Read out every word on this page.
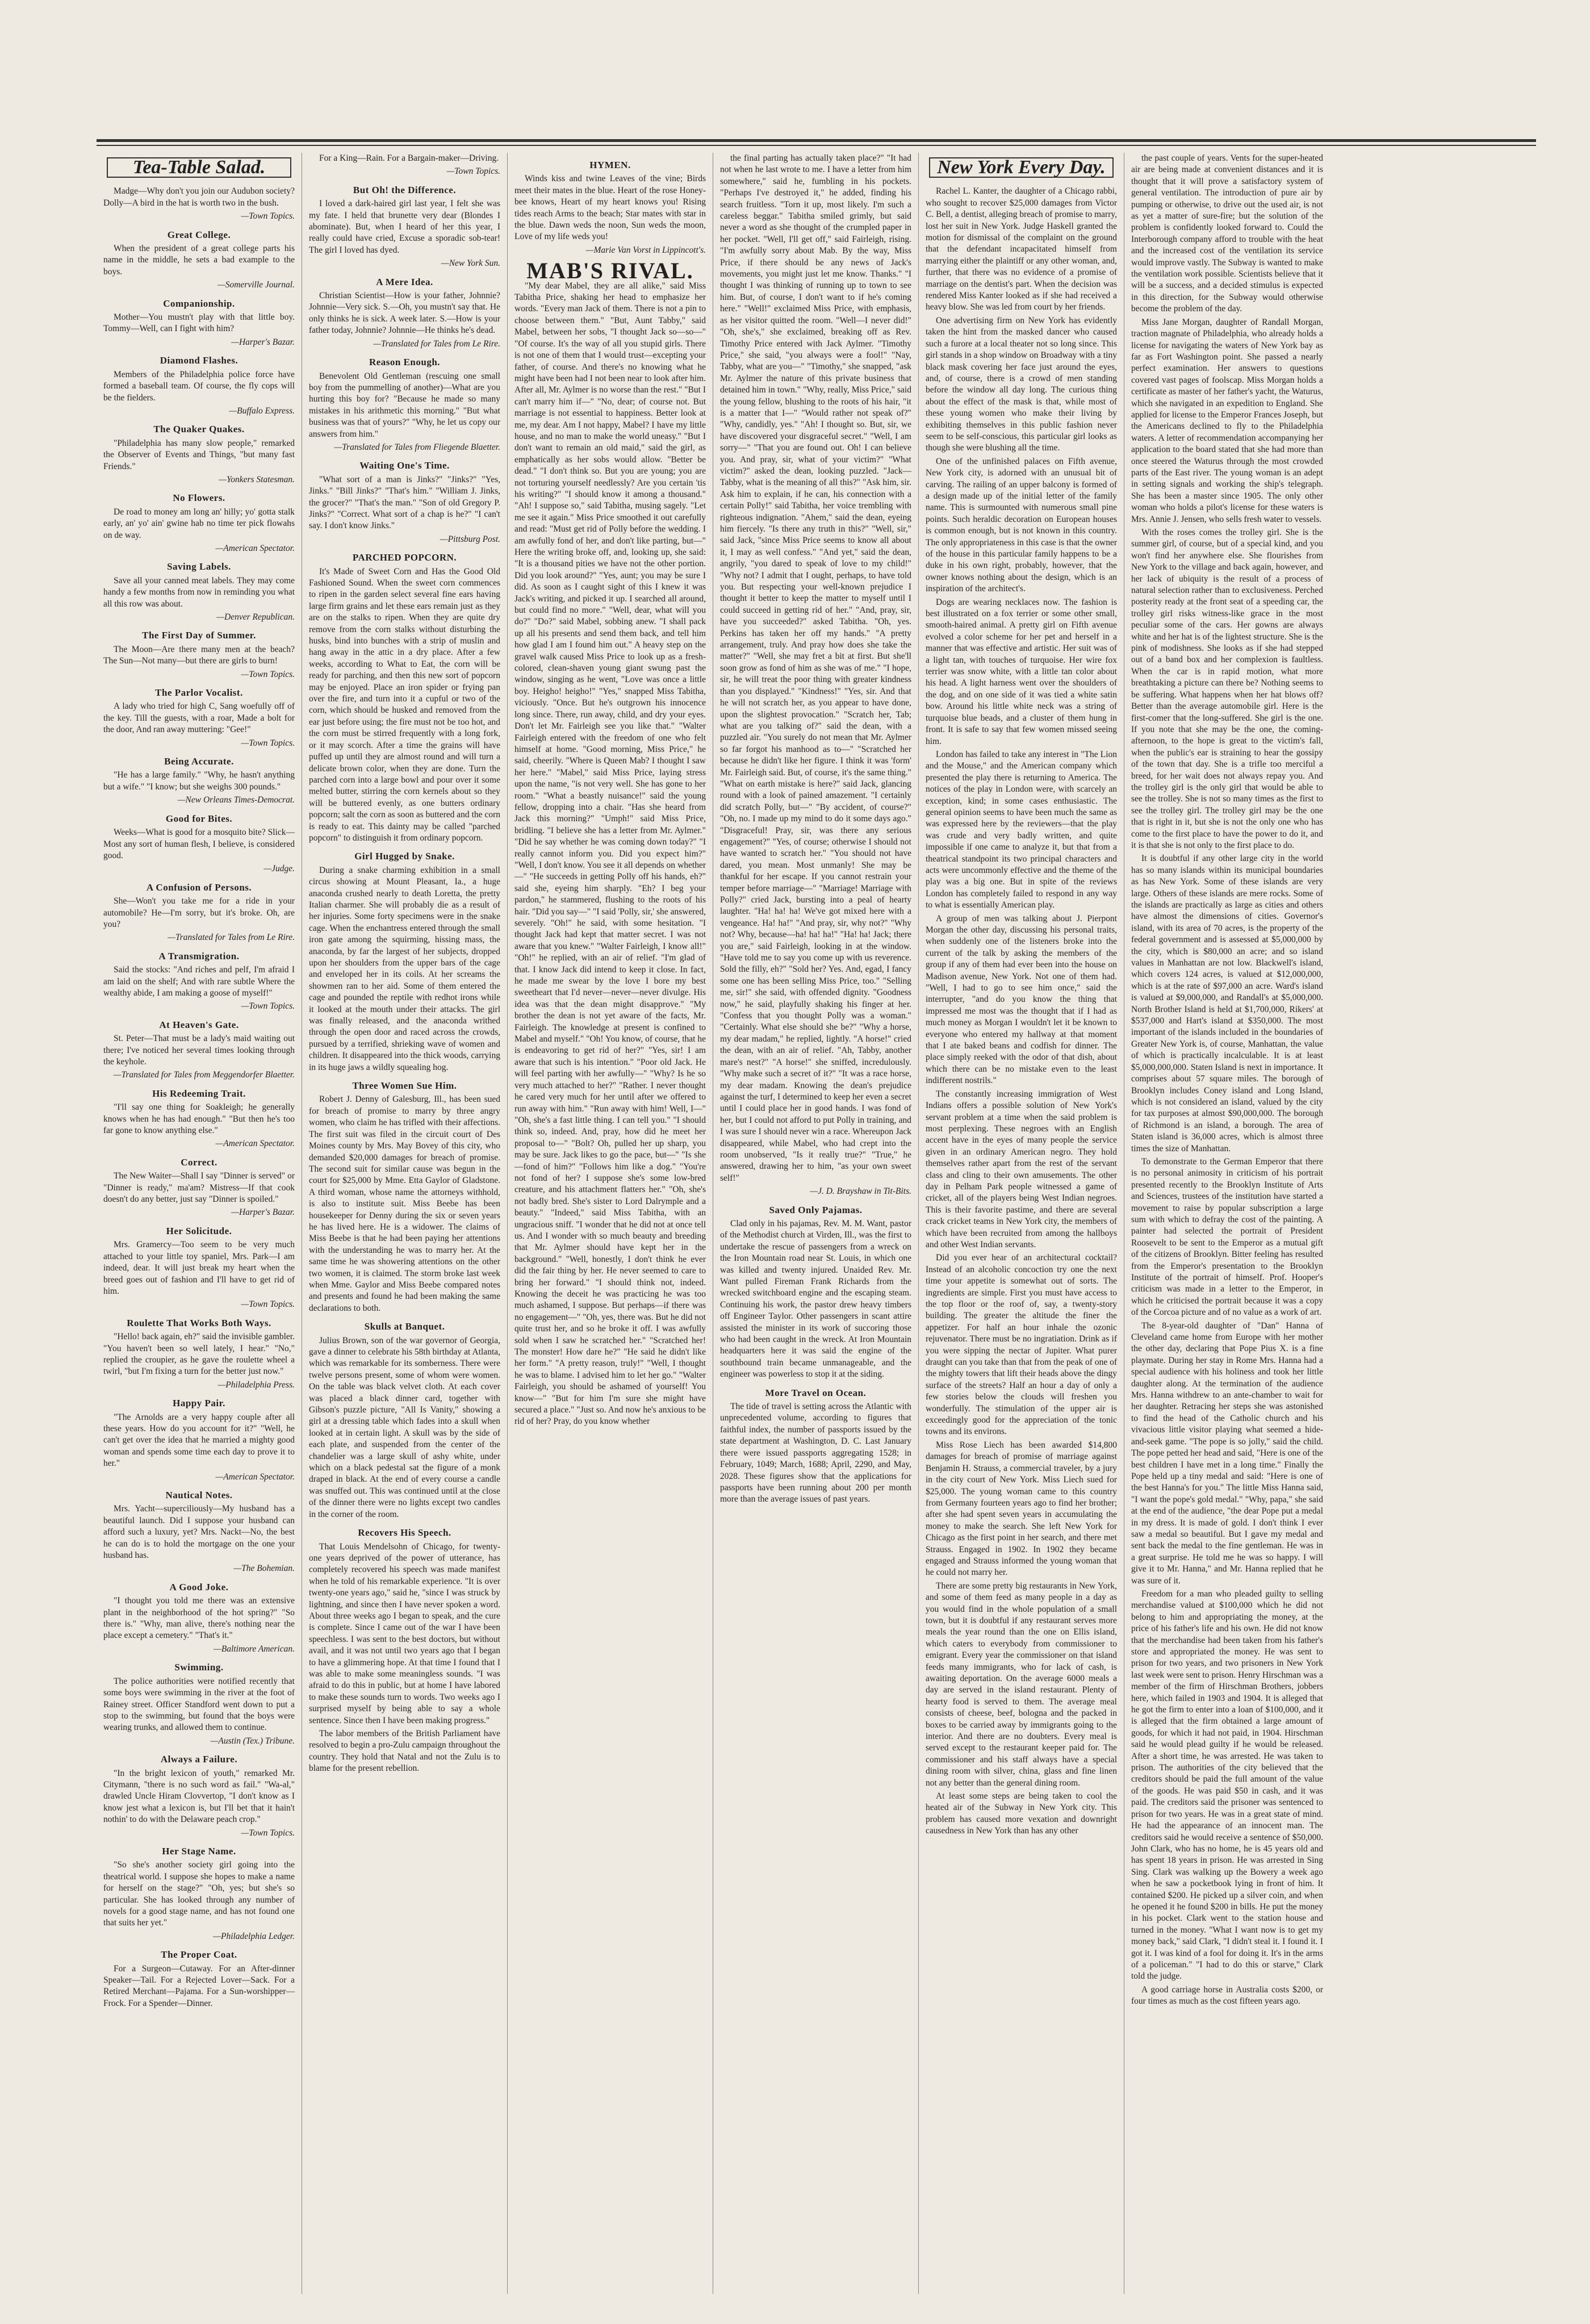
Tea-Table Salad.

Madge—Why don't you join our Audubon society? Dolly—A bird in the hat is worth two in the bush.

—Town Topics.

Great College.

When the president of a great college parts his name in the middle, he sets a bad example to the boys.

—Somerville Journal.

Companionship.

Mother—You mustn't play with that little boy. Tommy—Well, can I fight with him?

—Harper's Bazar.

Diamond Flashes.

Members of the Philadelphia police force have formed a baseball team. Of course, the fly cops will be the fielders.

—Buffalo Express.

The Quaker Quakes.

"Philadelphia has many slow people," remarked the Observer of Events and Things, "but many fast Friends."

—Yonkers Statesman.

No Flowers.

De road to money am long an' hilly; yo' gotta stalk early, an' yo' ain' gwine hab no time ter pick flowahs on de way.

—American Spectator.

Saving Labels.

Save all your canned meat labels. They may come handy a few months from now in reminding you what all this row was about.

—Denver Republican.

The First Day of Summer.

The Moon—Are there many men at the beach? The Sun—Not many—but there are girls to burn!

—Town Topics.

The Parlor Vocalist.

A lady who tried for high C, Sang woefully off of the key. Till the guests, with a roar, Made a bolt for the door, And ran away muttering: "Gee!"

—Town Topics.

Being Accurate.

"He has a large family." "Why, he hasn't anything but a wife." "I know; but she weighs 300 pounds."

—New Orleans Times-Democrat.

Good for Bites.

Weeks—What is good for a mosquito bite? Slick—Most any sort of human flesh, I believe, is considered good.

—Judge.

A Confusion of Persons.

She—Won't you take me for a ride in your automobile? He—I'm sorry, but it's broke. Oh, are you?

—Translated for Tales from Le Rire.

A Transmigration.

Said the stocks: "And riches and pelf, I'm afraid I am laid on the shelf; And with rare subtle Where the wealthy abide, I am making a goose of myself!"

—Town Topics.

At Heaven's Gate.

St. Peter—That must be a lady's maid waiting out there; I've noticed her several times looking through the keyhole.

—Translated for Tales from Meggendorfer Blaetter.

His Redeeming Trait.

"I'll say one thing for Soakleigh; he generally knows when he has had enough." "But then he's too far gone to know anything else."

—American Spectator.

Correct.

The New Waiter—Shall I say "Dinner is served" or "Dinner is ready," ma'am? Mistress—If that cook doesn't do any better, just say "Dinner is spoiled."

—Harper's Bazar.

Her Solicitude.

Mrs. Gramercy—Too seem to be very much attached to your little toy spaniel, Mrs. Park—I am indeed, dear. It will just break my heart when the breed goes out of fashion and I'll have to get rid of him.

—Town Topics.

Roulette That Works Both Ways.

"Hello! back again, eh?" said the invisible gambler. "You haven't been so well lately, I hear." "No," replied the croupier, as he gave the roulette wheel a twirl, "but I'm fixing a turn for the better just now."

—Philadelphia Press.

Happy Pair.

"The Arnolds are a very happy couple after all these years. How do you account for it?" "Well, he can't get over the idea that he married a mighty good woman and spends some time each day to prove it to her."

—American Spectator.

Nautical Notes.

Mrs. Yacht—superciliously—My husband has a beautiful launch. Did I suppose your husband can afford such a luxury, yet? Mrs. Nackt—No, the best he can do is to hold the mortgage on the one your husband has.

—The Bohemian.

A Good Joke.

"I thought you told me there was an extensive plant in the neighborhood of the hot spring?" "So there is." "Why, man alive, there's nothing near the place except a cemetery." "That's it."

—Baltimore American.

Swimming.

The police authorities were notified recently that some boys were swimming in the river at the foot of Rainey street. Officer Standford went down to put a stop to the swimming, but found that the boys were wearing trunks, and allowed them to continue.

—Austin (Tex.) Tribune.

Always a Failure.

"In the bright lexicon of youth," remarked Mr. Citymann, "there is no such word as fail." "Wa-al," drawled Uncle Hiram Clovvertop, "I don't know as I know jest what a lexicon is, but I'll bet that it hain't nothin' to do with the Delaware peach crop."

—Town Topics.

Her Stage Name.

"So she's another society girl going into the theatrical world. I suppose she hopes to make a name for herself on the stage?" "Oh, yes; but she's so particular. She has looked through any number of novels for a good stage name, and has not found one that suits her yet."

—Philadelphia Ledger.

The Proper Coat.

For a Surgeon—Cutaway. For an After-dinner Speaker—Tail. For a Rejected Lover—Sack. For a Retired Merchant—Pajama. For a Sun-worshipper—Frock. For a Spender—Dinner.

For a King—Rain. For a Bargain-maker—Driving.

—Town Topics.

But Oh! the Difference.

I loved a dark-haired girl last year, I felt she was my fate. I held that brunette very dear (Blondes I abominate). But, when I heard of her this year, I really could have cried, Excuse a sporadic sob-tear! The girl I loved has dyed.

—New York Sun.

A Mere Idea.

Christian Scientist—How is your father, Johnnie? Johnnie—Very sick. S.—Oh, you mustn't say that. He only thinks he is sick. A week later. S.—How is your father today, Johnnie? Johnnie—He thinks he's dead.

—Translated for Tales from Le Rire.

Reason Enough.

Benevolent Old Gentleman (rescuing one small boy from the pummelling of another)—What are you hurting this boy for? "Because he made so many mistakes in his arithmetic this morning." "But what business was that of yours?" "Why, he let us copy our answers from him."

—Translated for Tales from Fliegende Blaetter.

Waiting One's Time.

"What sort of a man is Jinks?" "Jinks?" "Yes, Jinks." "Bill Jinks?" "That's him." "William J. Jinks, the grocer?" "That's the man." "Son of old Gregory P. Jinks?" "Correct. What sort of a chap is he?" "I can't say. I don't know Jinks."

—Pittsburg Post.

PARCHED POPCORN.

It's Made of Sweet Corn and Has the Good Old Fashioned Sound. When the sweet corn commences to ripen in the garden select several fine ears having large firm grains and let these ears remain just as they are on the stalks to ripen. When they are quite dry remove from the corn stalks without disturbing the husks, bind into bunches with a strip of muslin and hang away in the attic in a dry place. After a few weeks, according to What to Eat, the corn will be ready for parching, and then this new sort of popcorn may be enjoyed. Place an iron spider or frying pan over the fire, and turn into it a cupful or two of the corn, which should be husked and removed from the ear just before using; the fire must not be too hot, and the corn must be stirred frequently with a long fork, or it may scorch. After a time the grains will have puffed up until they are almost round and will turn a delicate brown color, when they are done. Turn the parched corn into a large bowl and pour over it some melted butter, stirring the corn kernels about so they will be buttered evenly, as one butters ordinary popcorn; salt the corn as soon as buttered and the corn is ready to eat. This dainty may be called "parched popcorn" to distinguish it from ordinary popcorn.

Girl Hugged by Snake.

During a snake charming exhibition in a small circus showing at Mount Pleasant, Ia., a huge anaconda crushed nearly to death Loretta, the pretty Italian charmer. She will probably die as a result of her injuries. Some forty specimens were in the snake cage. When the enchantress entered through the small iron gate among the squirming, hissing mass, the anaconda, by far the largest of her subjects, dropped upon her shoulders from the upper bars of the cage and enveloped her in its coils. At her screams the showmen ran to her aid. Some of them entered the cage and pounded the reptile with redhot irons while it looked at the mouth under their attacks. The girl was finally released, and the anaconda writhed through the open door and raced across the crowds, pursued by a terrified, shrieking wave of women and children. It disappeared into the thick woods, carrying in its huge jaws a wildly squealing hog.

Three Women Sue Him.

Robert J. Denny of Galesburg, Ill., has been sued for breach of promise to marry by three angry women, who claim he has trifled with their affections. The first suit was filed in the circuit court of Des Moines county by Mrs. May Bovey of this city, who demanded $20,000 damages for breach of promise. The second suit for similar cause was begun in the court for $25,000 by Mme. Etta Gaylor of Gladstone. A third woman, whose name the attorneys withhold, is also to institute suit. Miss Beebe has been housekeeper for Denny during the six or seven years he has lived here. He is a widower. The claims of Miss Beebe is that he had been paying her attentions with the understanding he was to marry her. At the same time he was showering attentions on the other two women, it is claimed. The storm broke last week when Mme. Gaylor and Miss Beebe compared notes and presents and found he had been making the same declarations to both.

Skulls at Banquet.

Julius Brown, son of the war governor of Georgia, gave a dinner to celebrate his 58th birthday at Atlanta, which was remarkable for its somberness. There were twelve persons present, some of whom were women. On the table was black velvet cloth. At each cover was placed a black dinner card, together with Gibson's puzzle picture, "All Is Vanity," showing a girl at a dressing table which fades into a skull when looked at in certain light. A skull was by the side of each plate, and suspended from the center of the chandelier was a large skull of ashy white, under which on a black pedestal sat the figure of a monk draped in black. At the end of every course a candle was snuffed out. This was continued until at the close of the dinner there were no lights except two candles in the corner of the room.

Recovers His Speech.

That Louis Mendelsohn of Chicago, for twenty-one years deprived of the power of utterance, has completely recovered his speech was made manifest when he told of his remarkable experience. "It is over twenty-one years ago," said he, "since I was struck by lightning, and since then I have never spoken a word. About three weeks ago I began to speak, and the cure is complete. Since I came out of the war I have been speechless. I was sent to the best doctors, but without avail, and it was not until two years ago that I began to have a glimmering hope. At that time I found that I was able to make some meaningless sounds. "I was afraid to do this in public, but at home I have labored to make these sounds turn to words. Two weeks ago I surprised myself by being able to say a whole sentence. Since then I have been making progress."

The labor members of the British Parliament have resolved to begin a pro-Zulu campaign throughout the country. They hold that Natal and not the Zulu is to blame for the present rebellion.

HYMEN.

Winds kiss and twine Leaves of the vine; Birds meet their mates in the blue. Heart of the rose Honey-bee knows, Heart of my heart knows you! Rising tides reach Arms to the beach; Star mates with star in the blue. Dawn weds the noon, Sun weds the moon, Love of my life weds you!

—Marie Van Vorst in Lippincott's.

MAB'S RIVAL.

"My dear Mabel, they are all alike," said Miss Tabitha Price, shaking her head to emphasize her words. "Every man Jack of them. There is not a pin to choose between them." "But, Aunt Tabby," said Mabel, between her sobs, "I thought Jack so—so—" "Of course. It's the way of all you stupid girls. There is not one of them that I would trust—excepting your father, of course. And there's no knowing what he might have been had I not been near to look after him. After all, Mr. Aylmer is no worse than the rest." "But I can't marry him if—" "No, dear; of course not. But marriage is not essential to happiness. Better look at me, my dear. Am I not happy, Mabel? I have my little house, and no man to make the world uneasy." "But I don't want to remain an old maid," said the girl, as emphatically as her sobs would allow. "Better be dead." "I don't think so. But you are young; you are not torturing yourself needlessly? Are you certain 'tis his writing?" "I should know it among a thousand." "Ah! I suppose so," said Tabitha, musing sagely. "Let me see it again." Miss Price smoothed it out carefully and read: "Must get rid of Polly before the wedding. I am awfully fond of her, and don't like parting, but—" Here the writing broke off, and, looking up, she said: "It is a thousand pities we have not the other portion. Did you look around?" "Yes, aunt; you may be sure I did. As soon as I caught sight of this I knew it was Jack's writing, and picked it up. I searched all around, but could find no more." "Well, dear, what will you do?" "Do?" said Mabel, sobbing anew. "I shall pack up all his presents and send them back, and tell him how glad I am I found him out." A heavy step on the gravel walk caused Miss Price to look up as a fresh-colored, clean-shaven young giant swung past the window, singing as he went, "Love was once a little boy. Heigho! heigho!" "Yes," snapped Miss Tabitha, viciously. "Once. But he's outgrown his innocence long since. There, run away, child, and dry your eyes. Don't let Mr. Fairleigh see you like that." "Walter Fairleigh entered with the freedom of one who felt himself at home. "Good morning, Miss Price," he said, cheerily. "Where is Queen Mab? I thought I saw her here." "Mabel," said Miss Price, laying stress upon the name, "is not very well. She has gone to her room." "What a beastly nuisance!" said the young fellow, dropping into a chair. "Has she heard from Jack this morning?" "Umph!" said Miss Price, bridling. "I believe she has a letter from Mr. Aylmer." "Did he say whether he was coming down today?" "I really cannot inform you. Did you expect him?" "Well, I don't know. You see it all depends on whether—" "He succeeds in getting Polly off his hands, eh?" said she, eyeing him sharply. "Eh? I beg your pardon," he stammered, flushing to the roots of his hair. "Did you say—" "I said 'Polly, sir,' she answered, severely. "Oh!" he said, with some hesitation. "I thought Jack had kept that matter secret. I was not aware that you knew." "Walter Fairleigh, I know all!" "Oh!" he replied, with an air of relief. "I'm glad of that. I know Jack did intend to keep it close. In fact, he made me swear by the love I bore my best sweetheart that I'd never—never—never divulge. His idea was that the dean might disapprove." "My brother the dean is not yet aware of the facts, Mr. Fairleigh. The knowledge at present is confined to Mabel and myself." "Oh! You know, of course, that he is endeavoring to get rid of her?" "Yes, sir! I am aware that such is his intention." "Poor old Jack. He will feel parting with her awfully—" "Why? Is he so very much attached to her?" "Rather. I never thought he cared very much for her until after we offered to run away with him." "Run away with him! Well, I—" "Oh, she's a fast little thing. I can tell you." "I should think so, indeed. And, pray, how did he meet her proposal to—" "Bolt? Oh, pulled her up sharp, you may be sure. Jack likes to go the pace, but—" "Is she—fond of him?" "Follows him like a dog." "You're not fond of her? I suppose she's some low-bred creature, and his attachment flatters her." "Oh, she's not badly bred. She's sister to Lord Dalrymple and a beauty." "Indeed," said Miss Tabitha, with an ungracious sniff. "I wonder that he did not at once tell us. And I wonder with so much beauty and breeding that Mr. Aylmer should have kept her in the background." "Well, honestly, I don't think he ever did the fair thing by her. He never seemed to care to bring her forward." "I should think not, indeed. Knowing the deceit he was practicing he was too much ashamed, I suppose. But perhaps—if there was no engagement—" "Oh, yes, there was. But he did not quite trust her, and so he broke it off. I was awfully sold when I saw he scratched her." "Scratched her! The monster! How dare he?" "He said he didn't like her form." "A pretty reason, truly!" "Well, I thought he was to blame. I advised him to let her go." "Walter Fairleigh, you should be ashamed of yourself! You know—" "But for him I'm sure she might have secured a place." "Just so. And now he's anxious to be rid of her? Pray, do you know whether

the final parting has actually taken place?" "It had not when he last wrote to me. I have a letter from him somewhere," said he, fumbling in his pockets. "Perhaps I've destroyed it," he added, finding his search fruitless. "Torn it up, most likely. I'm such a careless beggar." Tabitha smiled grimly, but said never a word as she thought of the crumpled paper in her pocket. "Well, I'll get off," said Fairleigh, rising. "I'm awfully sorry about Mab. By the way, Miss Price, if there should be any news of Jack's movements, you might just let me know. Thanks." "I thought I was thinking of running up to town to see him. But, of course, I don't want to if he's coming here." "Well!" exclaimed Miss Price, with emphasis, as her visitor quitted the room. "Well—I never did!" "Oh, she's," she exclaimed, breaking off as Rev. Timothy Price entered with Jack Aylmer. "Timothy Price," she said, "you always were a fool!" "Nay, Tabby, what are you—" "Timothy," she snapped, "ask Mr. Aylmer the nature of this private business that detained him in town." "Why, really, Miss Price," said the young fellow, blushing to the roots of his hair, "it is a matter that I—" "Would rather not speak of?" "Why, candidly, yes." "Ah! I thought so. But, sir, we have discovered your disgraceful secret." "Well, I am sorry—" "That you are found out. Oh! I can believe you. And pray, sir, what of your victim?" "What victim?" asked the dean, looking puzzled. "Jack—Tabby, what is the meaning of all this?" "Ask him, sir. Ask him to explain, if he can, his connection with a certain Polly!" said Tabitha, her voice trembling with righteous indignation. "Ahem," said the dean, eyeing him fiercely. "Is there any truth in this?" "Well, sir," said Jack, "since Miss Price seems to know all about it, I may as well confess." "And yet," said the dean, angrily, "you dared to speak of love to my child!" "Why not? I admit that I ought, perhaps, to have told you. But respecting your well-known prejudice I thought it better to keep the matter to myself until I could succeed in getting rid of her." "And, pray, sir, have you succeeded?" asked Tabitha. "Oh, yes. Perkins has taken her off my hands." "A pretty arrangement, truly. And pray how does she take the matter?" "Well, she may fret a bit at first. But she'll soon grow as fond of him as she was of me." "I hope, sir, he will treat the poor thing with greater kindness than you displayed." "Kindness!" "Yes, sir. And that he will not scratch her, as you appear to have done, upon the slightest provocation." "Scratch her, Tab; what are you talking of?" said the dean, with a puzzled air. "You surely do not mean that Mr. Aylmer so far forgot his manhood as to—" "Scratched her because he didn't like her figure. I think it was 'form' Mr. Fairleigh said. But, of course, it's the same thing." "What on earth mistake is here?" said Jack, glancing round with a look of pained amazement. "I certainly did scratch Polly, but—" "By accident, of course?" "Oh, no. I made up my mind to do it some days ago." "Disgraceful! Pray, sir, was there any serious engagement?" "Yes, of course; otherwise I should not have wanted to scratch her." "You should not have dared, you mean. Most unmanly! She may be thankful for her escape. If you cannot restrain your temper before marriage—" "Marriage! Marriage with Polly?" cried Jack, bursting into a peal of hearty laughter. "Ha! ha! ha! We've got mixed here with a vengeance. Ha! ha!" "And pray, sir, why not?" "Why not? Why, because—ha! ha! ha!" "Ha! ha! Jack; there you are," said Fairleigh, looking in at the window. "Have told me to say you come up with us reverence. Sold the filly, eh?" "Sold her? Yes. And, egad, I fancy some one has been selling Miss Price, too." "Selling me, sir!" she said, with offended dignity. "Goodness now," he said, playfully shaking his finger at her. "Confess that you thought Polly was a woman." "Certainly. What else should she be?" "Why a horse, my dear madam," he replied, lightly. "A horse!" cried the dean, with an air of relief. "Ah, Tabby, another mare's nest?" "A horse!" she sniffed, incredulously. "Why make such a secret of it?" "It was a race horse, my dear madam. Knowing the dean's prejudice against the turf, I determined to keep her even a secret until I could place her in good hands. I was fond of her, but I could not afford to put Polly in training, and I was sure I should never win a race. Whereupon Jack disappeared, while Mabel, who had crept into the room unobserved, "Is it really true?" "True," he answered, drawing her to him, "as your own sweet self!"

—J. D. Brayshaw in Tit-Bits.

Saved Only Pajamas.

Clad only in his pajamas, Rev. M. M. Want, pastor of the Methodist church at Virden, Ill., was the first to undertake the rescue of passengers from a wreck on the Iron Mountain road near St. Louis, in which one was killed and twenty injured. Unaided Rev. Mr. Want pulled Fireman Frank Richards from the wrecked switchboard engine and the escaping steam. Continuing his work, the pastor drew heavy timbers off Engineer Taylor. Other passengers in scant attire assisted the minister in its work of succoring those who had been caught in the wreck. At Iron Mountain headquarters here it was said the engine of the southbound train became unmanageable, and the engineer was powerless to stop it at the siding.

More Travel on Ocean.

The tide of travel is setting across the Atlantic with unprecedented volume, according to figures that faithful index, the number of passports issued by the state department at Washington, D. C. Last January there were issued passports aggregating 1528; in February, 1049; March, 1688; April, 2290, and May, 2028. These figures show that the applications for passports have been running about 200 per month more than the average issues of past years.

New York Every Day.

Rachel L. Kanter, the daughter of a Chicago rabbi, who sought to recover $25,000 damages from Victor C. Bell, a dentist, alleging breach of promise to marry, lost her suit in New York. Judge Haskell granted the motion for dismissal of the complaint on the ground that the defendant incapacitated himself from marrying either the plaintiff or any other woman, and, further, that there was no evidence of a promise of marriage on the dentist's part. When the decision was rendered Miss Kanter looked as if she had received a heavy blow. She was led from court by her friends.

One advertising firm on New York has evidently taken the hint from the masked dancer who caused such a furore at a local theater not so long since. This girl stands in a shop window on Broadway with a tiny black mask covering her face just around the eyes, and, of course, there is a crowd of men standing before the window all day long. The curious thing about the effect of the mask is that, while most of these young women who make their living by exhibiting themselves in this public fashion never seem to be self-conscious, this particular girl looks as though she were blushing all the time.

One of the unfinished palaces on Fifth avenue, New York city, is adorned with an unusual bit of carving. The railing of an upper balcony is formed of a design made up of the initial letter of the family name. This is surmounted with numerous small pine points. Such heraldic decoration on European houses is common enough, but is not known in this country. The only appropriateness in this case is that the owner of the house in this particular family happens to be a duke in his own right, probably, however, that the owner knows nothing about the design, which is an inspiration of the architect's.

Dogs are wearing necklaces now. The fashion is best illustrated on a fox terrier or some other small, smooth-haired animal. A pretty girl on Fifth avenue evolved a color scheme for her pet and herself in a manner that was effective and artistic. Her suit was of a light tan, with touches of turquoise. Her wire fox terrier was snow white, with a little tan color about his head. A light harness went over the shoulders of the dog, and on one side of it was tied a white satin bow. Around his little white neck was a string of turquoise blue beads, and a cluster of them hung in front. It is safe to say that few women missed seeing him.

London has failed to take any interest in "The Lion and the Mouse," and the American company which presented the play there is returning to America. The notices of the play in London were, with scarcely an exception, kind; in some cases enthusiastic. The general opinion seems to have been much the same as was expressed here by the reviewers—that the play was crude and very badly written, and quite impossible if one came to analyze it, but that from a theatrical standpoint its two principal characters and acts were uncommonly effective and the theme of the play was a big one. But in spite of the reviews London has completely failed to respond in any way to what is essentially American play.

A group of men was talking about J. Pierpont Morgan the other day, discussing his personal traits, when suddenly one of the listeners broke into the current of the talk by asking the members of the group if any of them had ever been into the house on Madison avenue, New York. Not one of them had. "Well, I had to go to see him once," said the interrupter, "and do you know the thing that impressed me most was the thought that if I had as much money as Morgan I wouldn't let it be known to everyone who entered my hallway at that moment that I ate baked beans and codfish for dinner. The place simply reeked with the odor of that dish, about which there can be no mistake even to the least indifferent nostrils."

The constantly increasing immigration of West Indians offers a possible solution of New York's servant problem at a time when the said problem is most perplexing. These negroes with an English accent have in the eyes of many people the service given in an ordinary American negro. They hold themselves rather apart from the rest of the servant class and cling to their own amusements. The other day in Pelham Park people witnessed a game of cricket, all of the players being West Indian negroes. This is their favorite pastime, and there are several crack cricket teams in New York city, the members of which have been recruited from among the hallboys and other West Indian servants.

Did you ever hear of an architectural cocktail? Instead of an alcoholic concoction try one the next time your appetite is somewhat out of sorts. The ingredients are simple. First you must have access to the top floor or the roof of, say, a twenty-story building. The greater the altitude the finer the appetizer. For half an hour inhale the ozonic rejuvenator. There must be no ingratiation. Drink as if you were sipping the nectar of Jupiter. What purer draught can you take than that from the peak of one of the mighty towers that lift their heads above the dingy surface of the streets? Half an hour a day of only a few stories below the clouds will freshen you wonderfully. The stimulation of the upper air is exceedingly good for the appreciation of the tonic towns and its environs.

Miss Rose Liech has been awarded $14,800 damages for breach of promise of marriage against Benjamin H. Strauss, a commercial traveler, by a jury in the city court of New York. Miss Liech sued for $25,000. The young woman came to this country from Germany fourteen years ago to find her brother; after she had spent seven years in accumulating the money to make the search. She left New York for Chicago as the first point in her search, and there met Strauss. Engaged in 1902. In 1902 they became engaged and Strauss informed the young woman that he could not marry her.

There are some pretty big restaurants in New York, and some of them feed as many people in a day as you would find in the whole population of a small town, but it is doubtful if any restaurant serves more meals the year round than the one on Ellis island, which caters to everybody from commissioner to emigrant. Every year the commissioner on that island feeds many immigrants, who for lack of cash, is awaiting deportation. On the average 6000 meals a day are served in the island restaurant. Plenty of hearty food is served to them. The average meal consists of cheese, beef, bologna and the packed in boxes to be carried away by immigrants going to the interior. And there are no doubters. Every meal is served except to the restaurant keeper paid for. The commissioner and his staff always have a special dining room with silver, china, glass and fine linen not any better than the general dining room.

At least some steps are being taken to cool the heated air of the Subway in New York city. This problem has caused more vexation and downright causedness in New York than has any other

the past couple of years. Vents for the super-heated air are being made at convenient distances and it is thought that it will prove a satisfactory system of general ventilation. The introduction of pure air by pumping or otherwise, to drive out the used air, is not as yet a matter of sure-fire; but the solution of the problem is confidently looked forward to. Could the Interborough company afford to trouble with the heat and the increased cost of the ventilation its service would improve vastly. The Subway is wanted to make the ventilation work possible. Scientists believe that it will be a success, and a decided stimulus is expected in this direction, for the Subway would otherwise become the problem of the day.

Miss Jane Morgan, daughter of Randall Morgan, traction magnate of Philadelphia, who already holds a license for navigating the waters of New York bay as far as Fort Washington point. She passed a nearly perfect examination. Her answers to questions covered vast pages of foolscap. Miss Morgan holds a certificate as master of her father's yacht, the Waturus, which she navigated in an expedition to England. She applied for license to the Emperor Frances Joseph, but the Americans declined to fly to the Philadelphia waters. A letter of recommendation accompanying her application to the board stated that she had more than once steered the Waturus through the most crowded parts of the East river. The young woman is an adept in setting signals and working the ship's telegraph. She has been a master since 1905. The only other woman who holds a pilot's license for these waters is Mrs. Annie J. Jensen, who sells fresh water to vessels.

With the roses comes the trolley girl. She is the summer girl, of course, but of a special kind, and you won't find her anywhere else. She flourishes from New York to the village and back again, however, and her lack of ubiquity is the result of a process of natural selection rather than to exclusiveness. Perched posterity ready at the front seat of a speeding car, the trolley girl risks witness-like grace in the most peculiar some of the cars. Her gowns are always white and her hat is of the lightest structure. She is the pink of modishness. She looks as if she had stepped out of a band box and her complexion is faultless. When the car is in rapid motion, what more breathtaking a picture can there be? Nothing seems to be suffering. What happens when her hat blows off? Better than the average automobile girl. Here is the first-comer that the long-suffered. She girl is the one. If you note that she may be the one, the coming-afternoon, to the hope is great to the victim's fall, when the public's ear is straining to hear the gossipy of the town that day. She is a trifle too merciful a breed, for her wait does not always repay you. And the trolley girl is the only girl that would be able to see the trolley. She is not so many times as the first to see the trolley girl. The trolley girl may be the one that is right in it, but she is not the only one who has come to the first place to have the power to do it, and it is that she is not only to the first place to do.

It is doubtful if any other large city in the world has so many islands within its municipal boundaries as has New York. Some of these islands are very large. Others of these islands are mere rocks. Some of the islands are practically as large as cities and others have almost the dimensions of cities. Governor's island, with its area of 70 acres, is the property of the federal government and is assessed at $5,000,000 by the city, which is $80,000 an acre; and so island values in Manhattan are not low. Blackwell's island, which covers 124 acres, is valued at $12,000,000, which is at the rate of $97,000 an acre. Ward's island is valued at $9,000,000, and Randall's at $5,000,000. North Brother Island is held at $1,700,000, Rikers' at $537,000 and Hart's island at $350,000. The most important of the islands included in the boundaries of Greater New York is, of course, Manhattan, the value of which is practically incalculable. It is at least $5,000,000,000. Staten Island is next in importance. It comprises about 57 square miles. The borough of Brooklyn includes Coney island and Long Island, which is not considered an island, valued by the city for tax purposes at almost $90,000,000. The borough of Richmond is an island, a borough. The area of Staten island is 36,000 acres, which is almost three times the size of Manhattan.

To demonstrate to the German Emperor that there is no personal animosity in criticism of his portrait presented recently to the Brooklyn Institute of Arts and Sciences, trustees of the institution have started a movement to raise by popular subscription a large sum with which to defray the cost of the painting. A painter had selected the portrait of President Roosevelt to be sent to the Emperor as a mutual gift of the citizens of Brooklyn. Bitter feeling has resulted from the Emperor's presentation to the Brooklyn Institute of the portrait of himself. Prof. Hooper's criticism was made in a letter to the Emperor, in which he criticised the portrait because it was a copy of the Corcoa picture and of no value as a work of art.

The 8-year-old daughter of "Dan" Hanna of Cleveland came home from Europe with her mother the other day, declaring that Pope Pius X. is a fine playmate. During her stay in Rome Mrs. Hanna had a special audience with his holiness and took her little daughter along. At the termination of the audience Mrs. Hanna withdrew to an ante-chamber to wait for her daughter. Retracing her steps she was astonished to find the head of the Catholic church and his vivacious little visitor playing what seemed a hide-and-seek game. "The pope is so jolly," said the child. The pope petted her head and said, "Here is one of the best children I have met in a long time." Finally the Pope held up a tiny medal and said: "Here is one of the best Hanna's for you." The little Miss Hanna said, "I want the pope's gold medal." "Why, papa," she said at the end of the audience, "the dear Pope put a medal in my dress. It is made of gold. I don't think I ever saw a medal so beautiful. But I gave my medal and sent back the medal to the fine gentleman. He was in a great surprise. He told me he was so happy. I will give it to Mr. Hanna," and Mr. Hanna replied that he was sure of it.

Freedom for a man who pleaded guilty to selling merchandise valued at $100,000 which he did not belong to him and appropriating the money, at the price of his father's life and his own. He did not know that the merchandise had been taken from his father's store and appropriated the money. He was sent to prison for two years, and two prisoners in New York last week were sent to prison. Henry Hirschman was a member of the firm of Hirschman Brothers, jobbers here, which failed in 1903 and 1904. It is alleged that he got the firm to enter into a loan of $100,000, and it is alleged that the firm obtained a large amount of goods, for which it had not paid, in 1904. Hirschman said he would plead guilty if he would be released. After a short time, he was arrested. He was taken to prison. The authorities of the city believed that the creditors should be paid the full amount of the value of the goods. He was paid $50 in cash, and it was paid. The creditors said the prisoner was sentenced to prison for two years. He was in a great state of mind. He had the appearance of an innocent man. The creditors said he would receive a sentence of $50,000. John Clark, who has no home, he is 45 years old and has spent 18 years in prison. He was arrested in Sing Sing. Clark was walking up the Bowery a week ago when he saw a pocketbook lying in front of him. It contained $200. He picked up a silver coin, and when he opened it he found $200 in bills. He put the money in his pocket. Clark went to the station house and turned in the money. "What I want now is to get my money back," said Clark, "I didn't steal it. I found it. I got it. I was kind of a fool for doing it. It's in the arms of a policeman." "I had to do this or starve," Clark told the judge.

A good carriage horse in Australia costs $200, or four times as much as the cost fifteen years ago.
